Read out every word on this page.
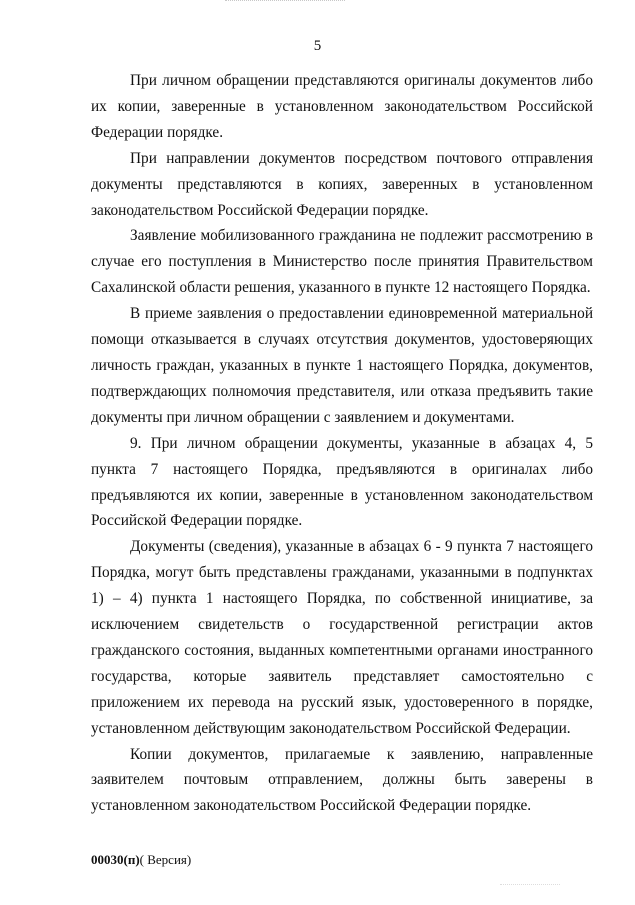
5

При личном обращении представляются оригиналы документов либо их копии, заверенные в установленном законодательством Российской Федерации порядке.

При направлении документов посредством почтового отправления документы представляются в копиях, заверенных в установленном законодательством Российской Федерации порядке.

Заявление мобилизованного гражданина не подлежит рассмотрению в случае его поступления в Министерство после принятия Правительством Сахалинской области решения, указанного в пункте 12 настоящего Порядка.

В приеме заявления о предоставлении единовременной материальной помощи отказывается в случаях отсутствия документов, удостоверяющих личность граждан, указанных в пункте 1 настоящего Порядка, документов, подтверждающих полномочия представителя, или отказа предъявить такие документы при личном обращении с заявлением и документами.

9. При личном обращении документы, указанные в абзацах 4, 5 пункта 7 настоящего Порядка, предъявляются в оригиналах либо предъявляются их копии, заверенные в установленном законодательством Российской Федерации порядке.

Документы (сведения), указанные в абзацах 6 - 9 пункта 7 настоящего Порядка, могут быть представлены гражданами, указанными в подпунктах 1) – 4) пункта 1 настоящего Порядка, по собственной инициативе, за исключением свидетельств о государственной регистрации актов гражданского состояния, выданных компетентными органами иностранного государства, которые заявитель представляет самостоятельно с приложением их перевода на русский язык, удостоверенного в порядке, установленном действующим законодательством Российской Федерации.

Копии документов, прилагаемые к заявлению, направленные заявителем почтовым отправлением, должны быть заверены в установленном законодательством Российской Федерации порядке.

00030(п)( Версия)
